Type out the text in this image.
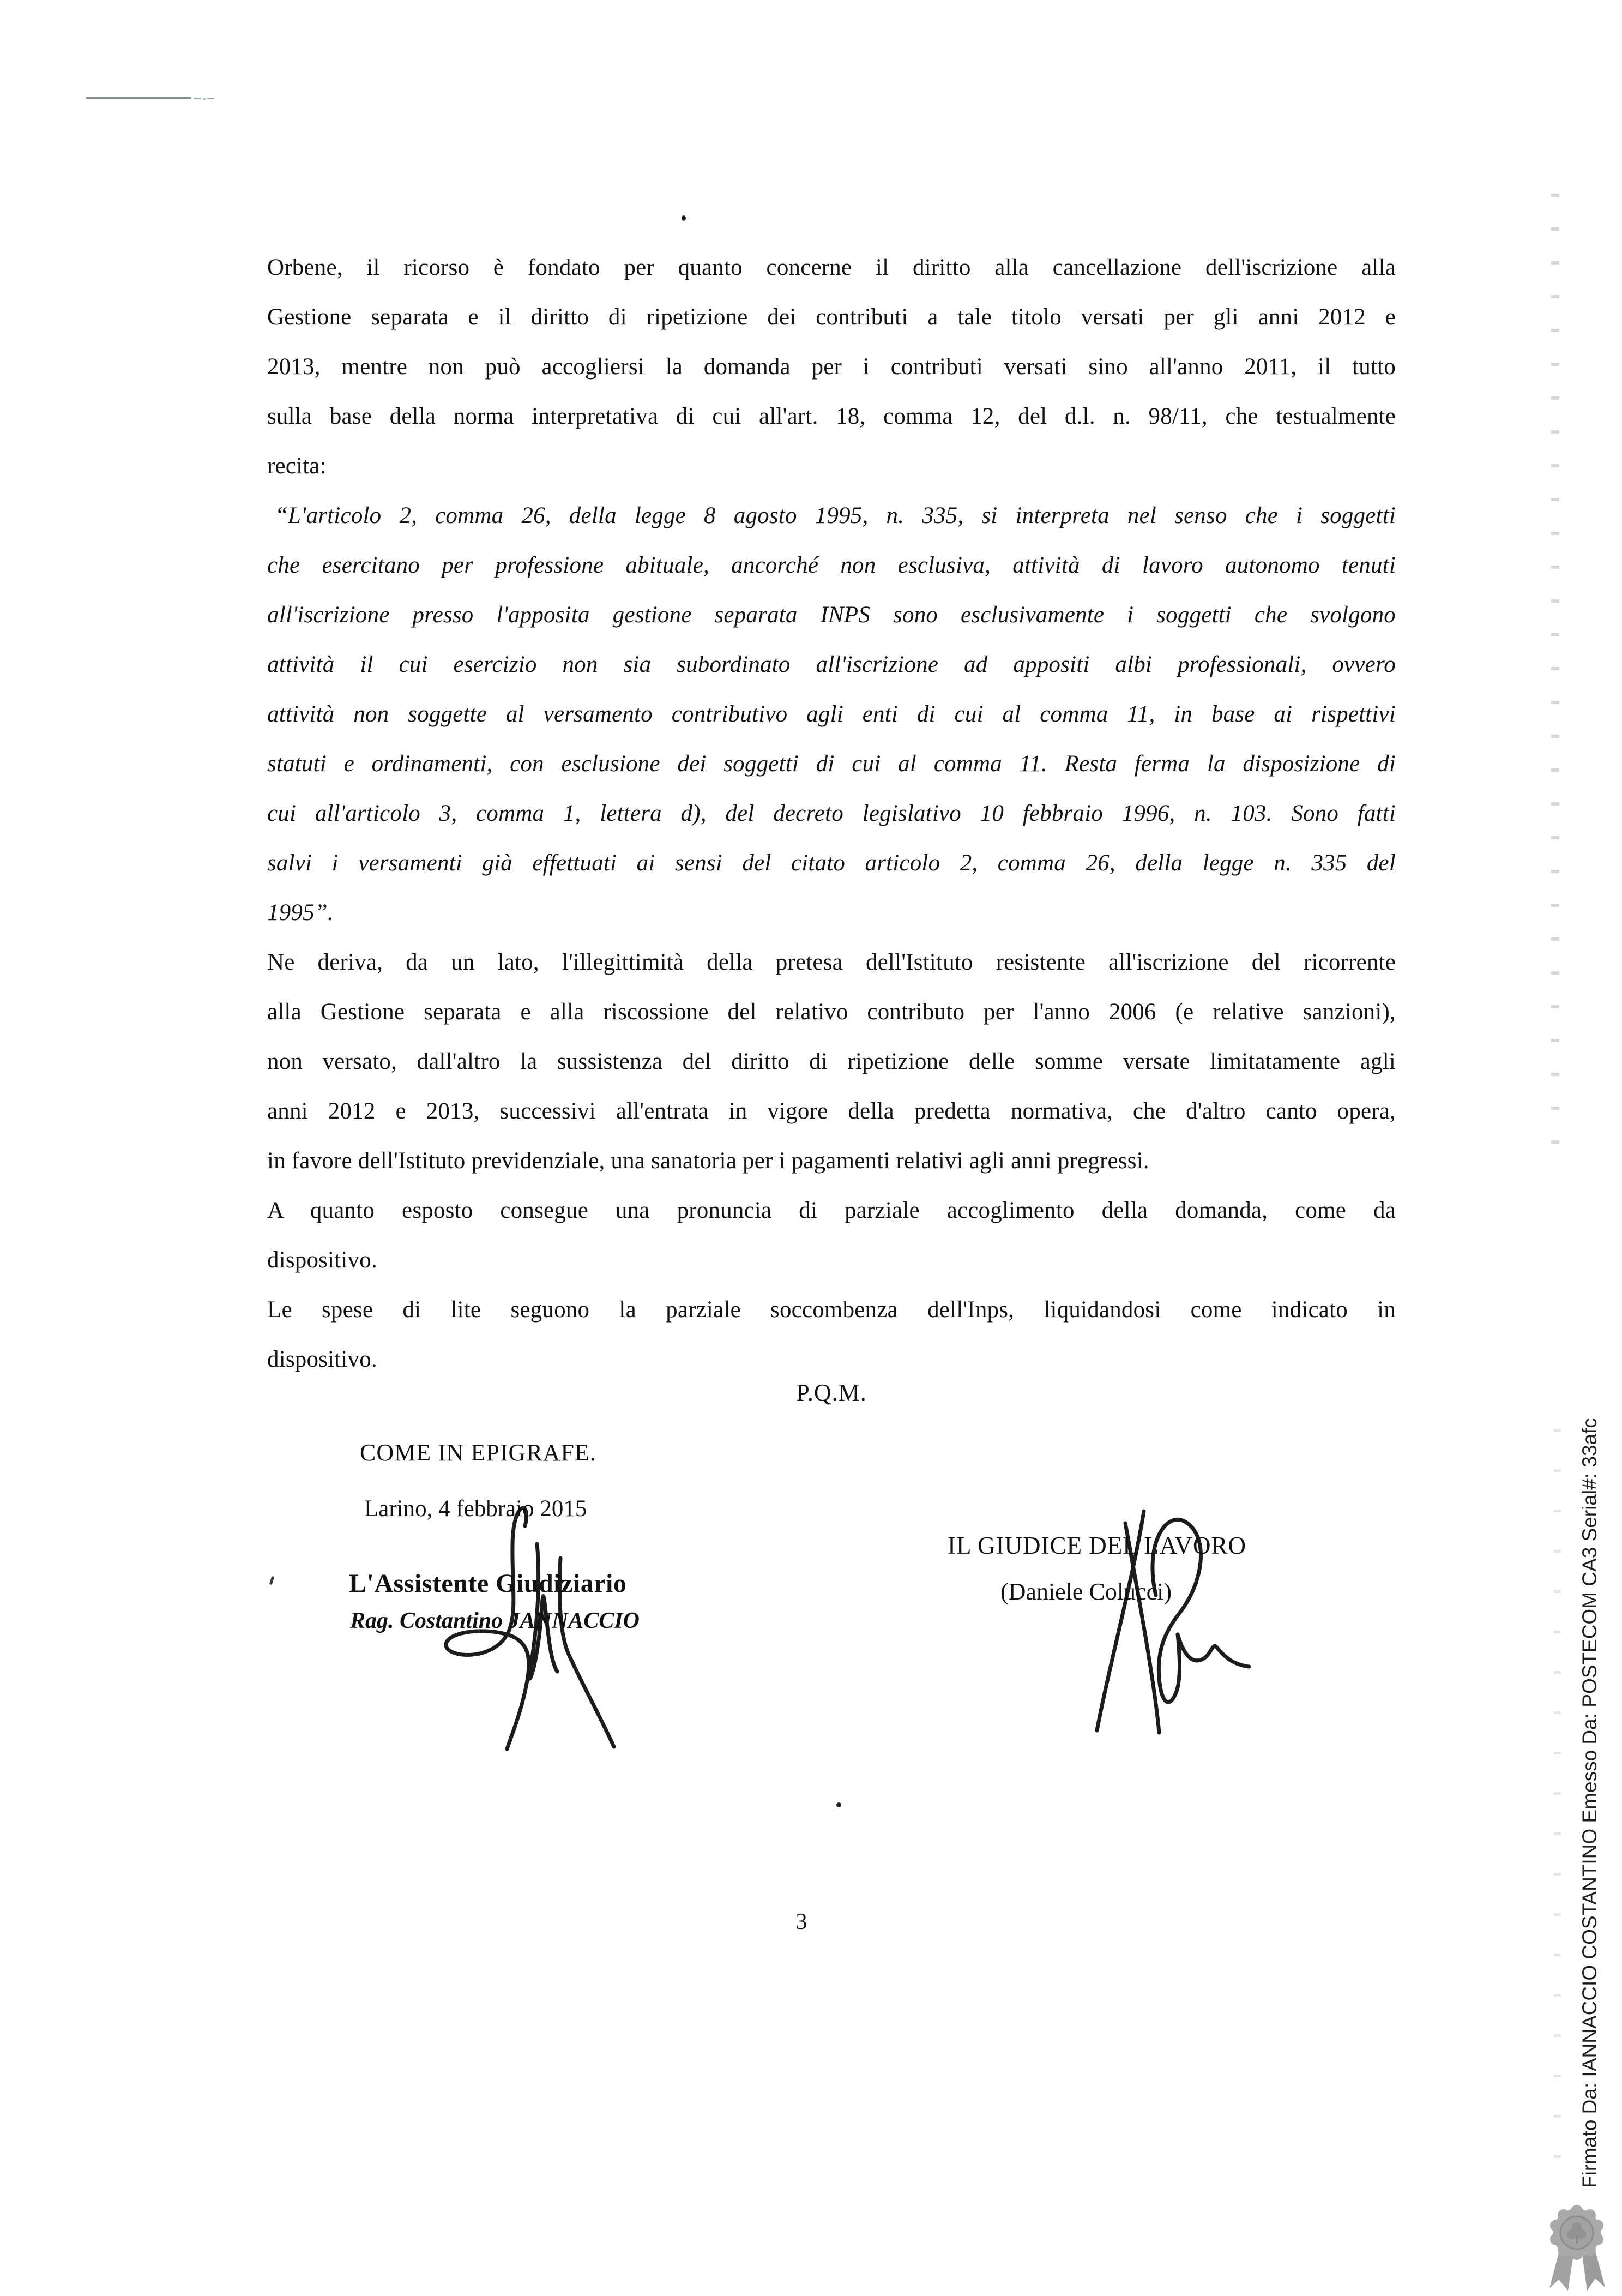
Orbene, il ricorso è fondato per quanto concerne il diritto alla cancellazione dell'iscrizione alla
Gestione separata e il diritto di ripetizione dei contributi a tale titolo versati per gli anni 2012 e
2013, mentre non può accogliersi la domanda per i contributi versati sino all'anno 2011, il tutto
sulla base della norma interpretativa di cui all'art. 18, comma 12, del d.l. n. 98/11, che testualmente
recita:
“L'articolo 2, comma 26, della legge 8 agosto 1995, n. 335, si interpreta nel senso che i soggetti
che esercitano per professione abituale, ancorché non esclusiva, attività di lavoro autonomo tenuti
all'iscrizione presso l'apposita gestione separata INPS sono esclusivamente i soggetti che svolgono
attività il cui esercizio non sia subordinato all'iscrizione ad appositi albi professionali, ovvero
attività non soggette al versamento contributivo agli enti di cui al comma 11, in base ai rispettivi
statuti e ordinamenti, con esclusione dei soggetti di cui al comma 11. Resta ferma la disposizione di
cui all'articolo 3, comma 1, lettera d), del decreto legislativo 10 febbraio 1996, n. 103. Sono fatti
salvi i versamenti già effettuati ai sensi del citato articolo 2, comma 26, della legge n. 335 del
1995”.
Ne deriva, da un lato, l'illegittimità della pretesa dell'Istituto resistente all'iscrizione del ricorrente
alla Gestione separata e alla riscossione del relativo contributo per l'anno 2006 (e relative sanzioni),
non versato, dall'altro la sussistenza del diritto di ripetizione delle somme versate limitatamente agli
anni 2012 e 2013, successivi all'entrata in vigore della predetta normativa, che d'altro canto opera,
in favore dell'Istituto previdenziale, una sanatoria per i pagamenti relativi agli anni pregressi.
A quanto esposto consegue una pronuncia di parziale accoglimento della domanda, come da
dispositivo.
Le spese di lite seguono la parziale soccombenza dell'Inps, liquidandosi come indicato in
dispositivo.
P.Q.M.
COME IN EPIGRAFE.
Larino, 4 febbraio 2015
L'Assistente Giudiziario
Rag. Costantino JANNACCIO
IL GIUDICE DEL LAVORO
(Daniele Colucci)
3	Firmato Da: IANNACCIO COSTANTINO Emesso Da: POSTECOM CA3 Serial#: 33afc
